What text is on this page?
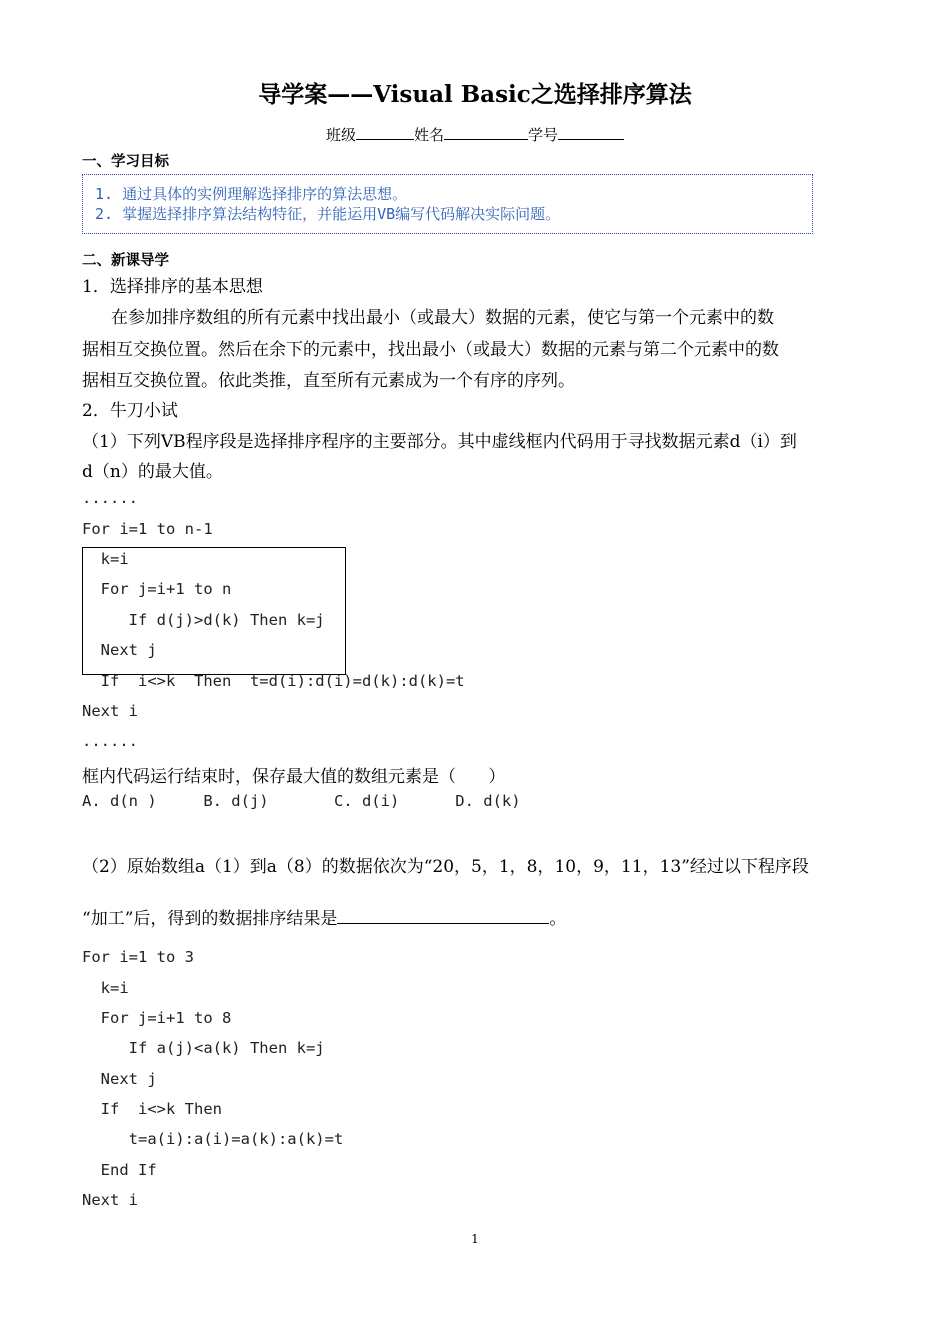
导学案——Visual Basic之选择排序算法
班级	姓名	学号
一、学习目标
1. 通过具体的实例理解选择排序的算法思想。
2. 掌握选择排序算法结构特征，并能运用VB编写代码解决实际问题。
二、新课导学
1．选择排序的基本思想
在参加排序数组的所有元素中找出最小（或最大）数据的元素，使它与第一个元素中的数
据相互交换位置。然后在余下的元素中，找出最小（或最大）数据的元素与第二个元素中的数
据相互交换位置。依此类推，直至所有元素成为一个有序的序列。
2．牛刀小试
（1）下列VB程序段是选择排序程序的主要部分。其中虚线框内代码用于寻找数据元素d（i）到
d（n）的最大值。
......
For i=1 to n-1
k=i
For j=i+1 to n
If d(j)>d(k) Then k=j
Next j
If  i<>k  Then  t=d(i):d(i)=d(k):d(k)=t
Next i
......
框内代码运行结束时，保存最大值的数组元素是（      ）
A. d(n )     B. d(j)       C. d(i)      D. d(k)
（2）原始数组a（1）到a（8）的数据依次为“20，5，1，8，10，9，11，13”经过以下程序段
“加工”后，得到的数据排序结果是	。
For i=1 to 3
k=i
For j=i+1 to 8
If a(j)<a(k) Then k=j
Next j
If  i<>k Then
t=a(i):a(i)=a(k):a(k)=t
End If
Next i
1
